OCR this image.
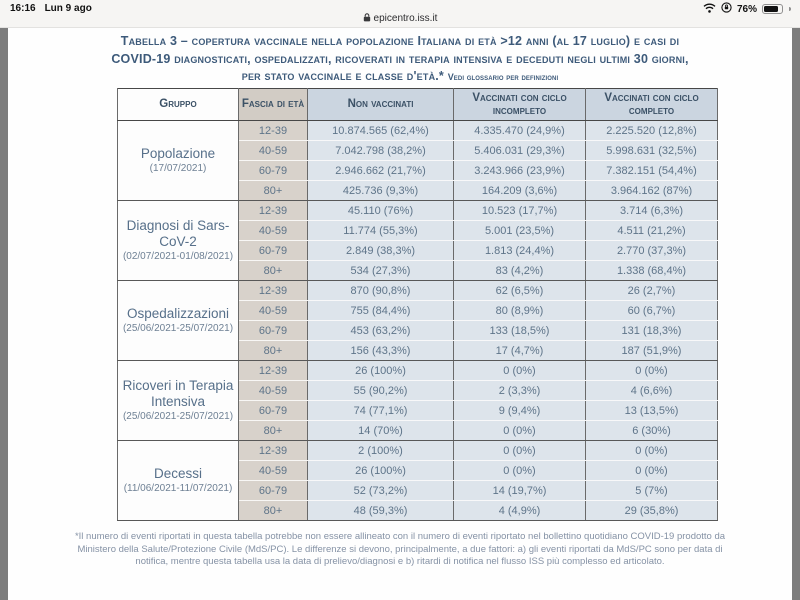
16:16 Lun 9 ago	76%
epicentro.iss.it
Tabella 3 – copertura vaccinale nella popolazione Italiana di età >12 anni (al 17 luglio) e casi di COVID-19 diagnosticati, ospedalizzati, ricoverati in terapia intensiva e deceduti negli ultimi 30 giorni, per stato vaccinale e classe d'età.* Vedi glossario per definizioni
Gruppo	Fascia di età	Non vaccinati	Vaccinati con ciclo incompleto	Vaccinati con ciclo completo

Popolazione
(17/07/2021)	12-39	10.874.565 (62,4%)	4.335.470 (24,9%)	2.225.520 (12,8%)
	40-59	7.042.798 (38,2%)	5.406.031 (29,3%)	5.998.631 (32,5%)
	60-79	2.946.662 (21,7%)	3.243.966 (23,9%)	7.382.151 (54,4%)
	80+	425.736 (9,3%)	164.209 (3,6%)	3.964.162 (87%)

Diagnosi di Sars-CoV-2
(02/07/2021-01/08/2021)	12-39	45.110 (76%)	10.523 (17,7%)	3.714 (6,3%)
	40-59	11.774 (55,3%)	5.001 (23,5%)	4.511 (21,2%)
	60-79	2.849 (38,3%)	1.813 (24,4%)	2.770 (37,3%)
	80+	534 (27,3%)	83 (4,2%)	1.338 (68,4%)

Ospedalizzazioni
(25/06/2021-25/07/2021)	12-39	870 (90,8%)	62 (6,5%)	26 (2,7%)
	40-59	755 (84,4%)	80 (8,9%)	60 (6,7%)
	60-79	453 (63,2%)	133 (18,5%)	131 (18,3%)
	80+	156 (43,3%)	17 (4,7%)	187 (51,9%)

Ricoveri in Terapia Intensiva
(25/06/2021-25/07/2021)	12-39	26 (100%)	0 (0%)	0 (0%)
	40-59	55 (90,2%)	2 (3,3%)	4 (6,6%)
	60-79	74 (77,1%)	9 (9,4%)	13 (13,5%)
	80+	14 (70%)	0 (0%)	6 (30%)

Decessi
(11/06/2021-11/07/2021)	12-39	2 (100%)	0 (0%)	0 (0%)
	40-59	26 (100%)	0 (0%)	0 (0%)
	60-79	52 (73,2%)	14 (19,7%)	5 (7%)
	80+	48 (59,3%)	4 (4,9%)	29 (35,8%)
*Il numero di eventi riportati in questa tabella potrebbe non essere allineato con il numero di eventi riportato nel bollettino quotidiano COVID-19 prodotto da Ministero della Salute/Protezione Civile (MdS/PC). Le differenze si devono, principalmente, a due fattori: a) gli eventi riportati da MdS/PC sono per data di notifica, mentre questa tabella usa la data di prelievo/diagnosi e b) ritardi di notifica nel flusso ISS più complesso ed articolato.
